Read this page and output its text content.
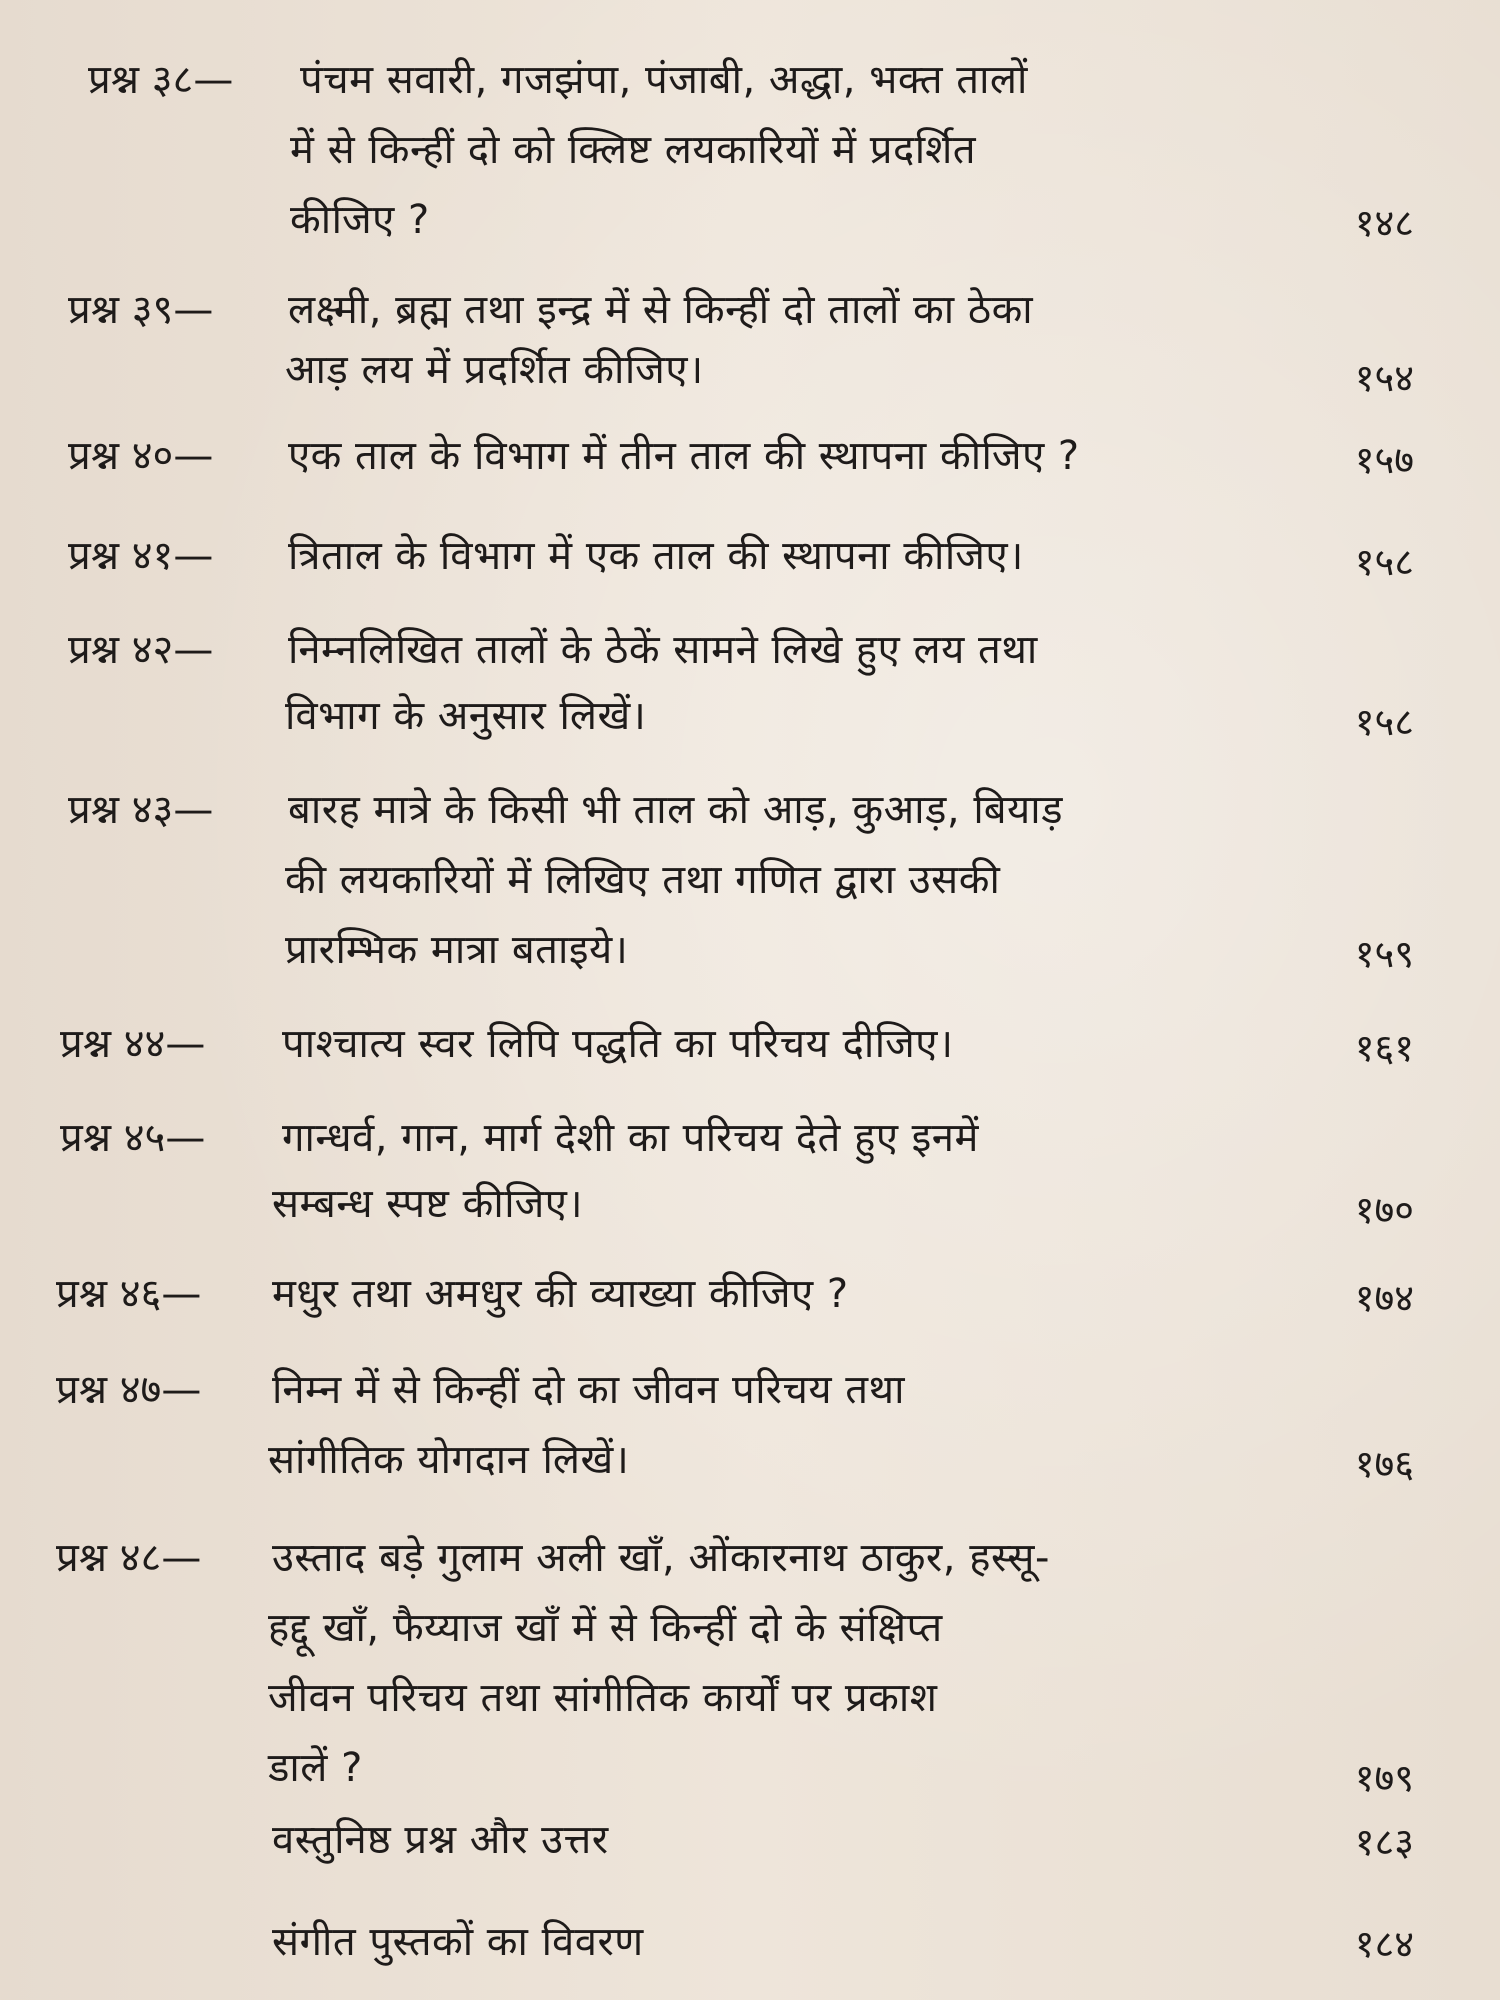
प्रश्न ३८— पंचम सवारी, गजझंपा, पंजाबी, अद्धा, भक्त तालों
में से किन्हीं दो को क्लिष्ट लयकारियों में प्रदर्शित
कीजिए ?	१४८
प्रश्न ३९— लक्ष्मी, ब्रह्म तथा इन्द्र में से किन्हीं दो तालों का ठेका
आड़ लय में प्रदर्शित कीजिए।	१५४
प्रश्न ४०— एक ताल के विभाग में तीन ताल की स्थापना कीजिए ?	१५७
प्रश्न ४१— त्रिताल के विभाग में एक ताल की स्थापना कीजिए।	१५८
प्रश्न ४२— निम्नलिखित तालों के ठेकें सामने लिखे हुए लय तथा
विभाग के अनुसार लिखें।	१५८
प्रश्न ४३— बारह मात्रे के किसी भी ताल को आड़, कुआड़, बियाड़
की लयकारियों में लिखिए तथा गणित द्वारा उसकी
प्रारम्भिक मात्रा बताइये।	१५९
प्रश्न ४४— पाश्चात्य स्वर लिपि पद्धति का परिचय दीजिए।	१६१
प्रश्न ४५— गान्धर्व, गान, मार्ग देशी का परिचय देते हुए इनमें
सम्बन्ध स्पष्ट कीजिए।	१७०
प्रश्न ४६— मधुर तथा अमधुर की व्याख्या कीजिए ?	१७४
प्रश्न ४७— निम्न में से किन्हीं दो का जीवन परिचय तथा
सांगीतिक योगदान लिखें।	१७६
प्रश्न ४८— उस्ताद बड़े गुलाम अली खाँ, ओंकारनाथ ठाकुर, हस्सू-
हद्दू खाँ, फैय्याज खाँ में से किन्हीं दो के संक्षिप्त
जीवन परिचय तथा सांगीतिक कार्यों पर प्रकाश
डालें ?	१७९
वस्तुनिष्ठ प्रश्न और उत्तर	१८३
संगीत पुस्तकों का विवरण	१८४
